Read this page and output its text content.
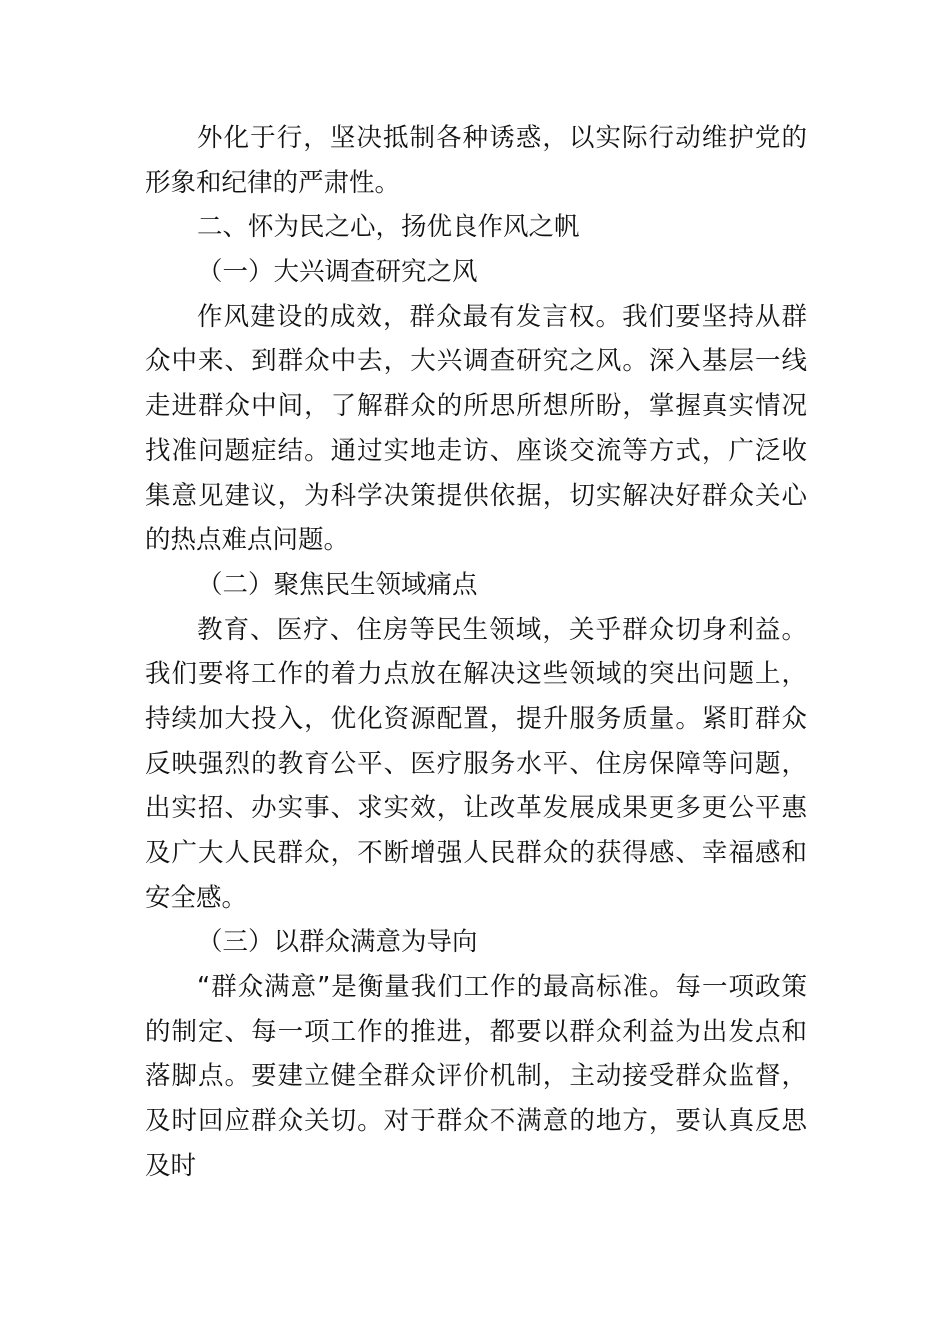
外化于行，坚决抵制各种诱惑，以实际行动维护党的
形象和纪律的严肃性。
二、怀为民之心，扬优良作风之帆
（一）大兴调查研究之风
作风建设的成效，群众最有发言权。我们要坚持从群
众中来、到群众中去，大兴调查研究之风。深入基层一线
走进群众中间，了解群众的所思所想所盼，掌握真实情况
找准问题症结。通过实地走访、座谈交流等方式，广泛收
集意见建议，为科学决策提供依据，切实解决好群众关心
的热点难点问题。
（二）聚焦民生领域痛点
教育、医疗、住房等民生领域，关乎群众切身利益。
我们要将工作的着力点放在解决这些领域的突出问题上，
持续加大投入，优化资源配置，提升服务质量。紧盯群众
反映强烈的教育公平、医疗服务水平、住房保障等问题，
出实招、办实事、求实效，让改革发展成果更多更公平惠
及广大人民群众，不断增强人民群众的获得感、幸福感和
安全感。
（三）以群众满意为导向
“群众满意”是衡量我们工作的最高标准。每一项政策
的制定、每一项工作的推进，都要以群众利益为出发点和
落脚点。要建立健全群众评价机制，主动接受群众监督，
及时回应群众关切。对于群众不满意的地方，要认真反思
及时
